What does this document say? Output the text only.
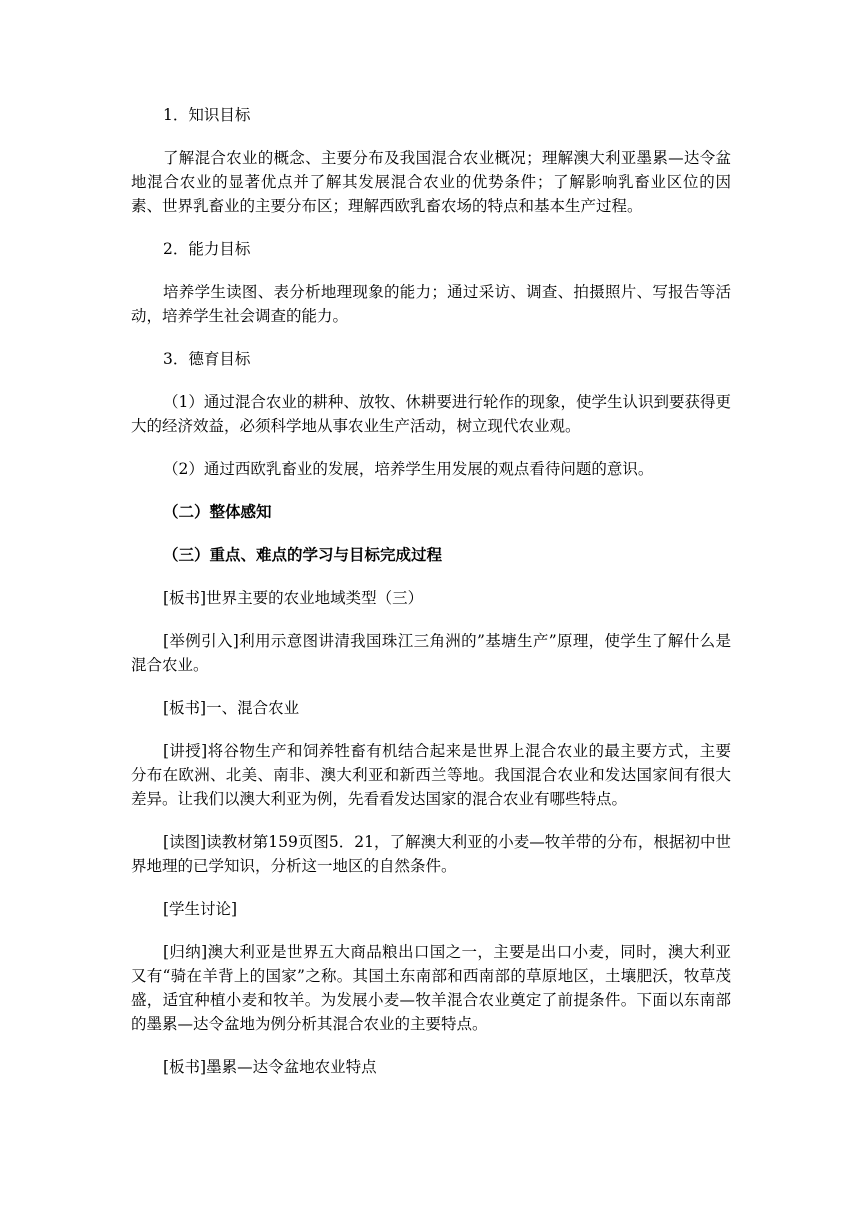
1．知识目标

了解混合农业的概念、主要分布及我国混合农业概况；理解澳大利亚墨累—达令盆地混合农业的显著优点并了解其发展混合农业的优势条件；了解影响乳畜业区位的因素、世界乳畜业的主要分布区；理解西欧乳畜农场的特点和基本生产过程。

2．能力目标

培养学生读图、表分析地理现象的能力；通过采访、调查、拍摄照片、写报告等活动，培养学生社会调查的能力。

3．德育目标

（1）通过混合农业的耕种、放牧、休耕要进行轮作的现象，使学生认识到要获得更大的经济效益，必须科学地从事农业生产活动，树立现代农业观。

（2）通过西欧乳畜业的发展，培养学生用发展的观点看待问题的意识。

（二）整体感知

（三）重点、难点的学习与目标完成过程

[板书]世界主要的农业地域类型（三）

[举例引入]利用示意图讲清我国珠江三角洲的”基塘生产”原理，使学生了解什么是混合农业。

[板书]一、混合农业

[讲授]将谷物生产和饲养牲畜有机结合起来是世界上混合农业的最主要方式，主要分布在欧洲、北美、南非、澳大利亚和新西兰等地。我国混合农业和发达国家间有很大差异。让我们以澳大利亚为例，先看看发达国家的混合农业有哪些特点。

[读图]读教材第159页图5．21，了解澳大利亚的小麦—牧羊带的分布，根据初中世界地理的已学知识，分析这一地区的自然条件。

[学生讨论]

[归纳]澳大利亚是世界五大商品粮出口国之一，主要是出口小麦，同时，澳大利亚又有“骑在羊背上的国家”之称。其国土东南部和西南部的草原地区，土壤肥沃，牧草茂盛，适宜种植小麦和牧羊。为发展小麦—牧羊混合农业奠定了前提条件。下面以东南部的墨累—达令盆地为例分析其混合农业的主要特点。

[板书]墨累—达令盆地农业特点
